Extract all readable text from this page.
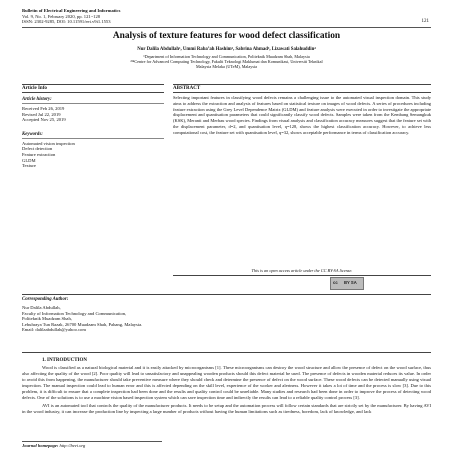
Bulletin of Electrical Engineering and Informatics
Vol. 9, No. 1, February 2020, pp. 121~128
ISSN: 2302-9285, DOI: 10.11591/eei.v9i1.1553	121
Analysis of texture features for wood defect classification
Nur Dalila Abdullah¹, Ummi Raba’ah Hashim², Sabrina Ahmad³, Lizawati Salahuddin⁴
¹Department of Information Technology and Communication, Politeknik Muadzam Shah, Malaysia
²³⁴Centre for Advanced Computing Technology, Fakulti Teknologi Maklumat dan Komunikasi, Universiti Teknikal
Malaysia Melaka (UTeM), Malaysia
Article Info
Article history:
Received Feb 26, 2019
Revised Jul 22, 2019
Accepted Nov 25, 2019
Keywords:
Automated vision inspection
Defect detection
Feature extraction
GLDM
Texture
ABSTRACT
Selecting important features in classifying wood defects remains a challenging issue to the automated visual inspection domain. This study aims to address the extraction and analysis of features based on statistical texture on images of wood defects. A series of procedures including feature extraction using the Grey Level Dependence Matrix (GLDM) and feature analysis were executed in order to investigate the appropriate displacement and quantisation parameters that could significantly classify wood defects. Samples were taken from the Kembang Semangkuk (KSK), Meranti and Merbau wood species. Findings from visual analysis and classification accuracy measures suggest that the feature set with the displacement parameter, d=2, and quantisation level, q=128, shows the highest classification accuracy. However, to achieve less computational cost, the feature set with quantisation level, q=32, shows acceptable performance in terms of classification accuracy.
This is an open access article under the CC BY-SA license.
cc BY SA
Corresponding Author:
Nur Dalila Abdullah,
Faculty of Information Technology and Communication,
Politeknik Muadzam Shah,
Lebuhraya Tun Razak, 26700 Muadzam Shah, Pahang, Malaysia.
Email: dalilaabdullah@yahoo.com
1. INTRODUCTION

Wood is classified as a natural biological material and it is easily attacked by microorganisms [1]. These microorganisms can destroy the wood structure and allow the presence of defect on the wood surface, thus also affecting the quality of the wood [2]. Poor quality will lead to unsatisfactory and unappealing wooden products should this defect material be used. The presence of defects in wooden material reduces its value. In order to avoid this from happening, the manufacturer should take preventive measure where they should check and determine the presence of defect on the wood surface. These wood defects can be detected manually using visual inspection. The manual inspection could lead to human error and this is affected depending on the skill level, experience of the worker and alertness. However it takes a lot of time and the process is slow [3]. Due to this problem, it is difficult to ensure that a complete inspection had been done and the results and quality control could be unreliable. Many studies and research had been done in order to improve the process of detecting wood defects. One of the solutions is to use a machine vision based inspection system which can save inspection time and indirectly the results can lead to a reliable quality control process [3].

AVI is an automated tool that controls the quality of the manufacturer products. It needs to be setup and the automation process will follow certain standards that are strictly set by the manufacturer. By having AVI in the wood industry, it can increase the production line by inspecting a large number of products without having the human limitations such as tiredness, boredom, lack of knowledge, and lack

Journal homepage: http://beei.org
